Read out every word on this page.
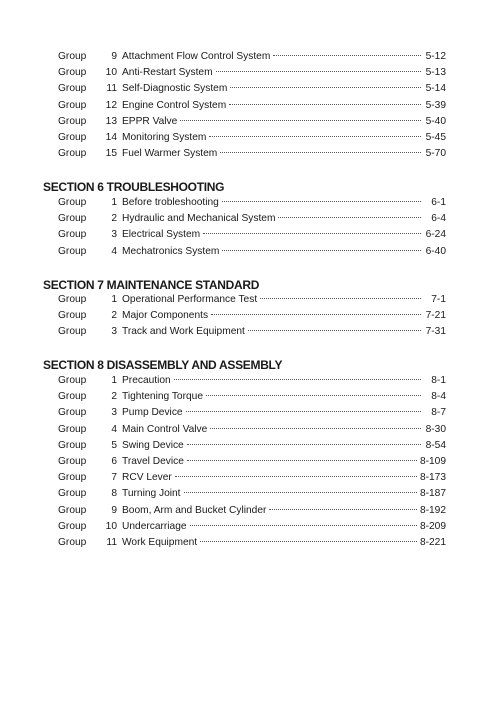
Group	9 Attachment Flow Control System	5-12
Group	10 Anti-Restart System	5-13
Group	11 Self-Diagnostic System	5-14
Group	12 Engine Control System	5-39
Group	13 EPPR Valve	5-40
Group	14 Monitoring System	5-45
Group	15 Fuel Warmer System	5-70
SECTION 6 TROUBLESHOOTING
Group	1 Before trobleshooting	6-1
Group	2 Hydraulic and Mechanical System	6-4
Group	3 Electrical System	6-24
Group	4 Mechatronics System	6-40
SECTION 7 MAINTENANCE STANDARD
Group	1 Operational Performance Test	7-1
Group	2 Major Components	7-21
Group	3 Track and Work Equipment	7-31
SECTION 8 DISASSEMBLY AND ASSEMBLY
Group	1 Precaution	8-1
Group	2 Tightening Torque	8-4
Group	3 Pump Device	8-7
Group	4 Main Control Valve	8-30
Group	5 Swing Device	8-54
Group	6 Travel Device	8-109
Group	7 RCV Lever	8-173
Group	8 Turning Joint	8-187
Group	9 Boom, Arm and Bucket Cylinder	8-192
Group	10 Undercarriage	8-209
Group	11 Work Equipment	8-221
